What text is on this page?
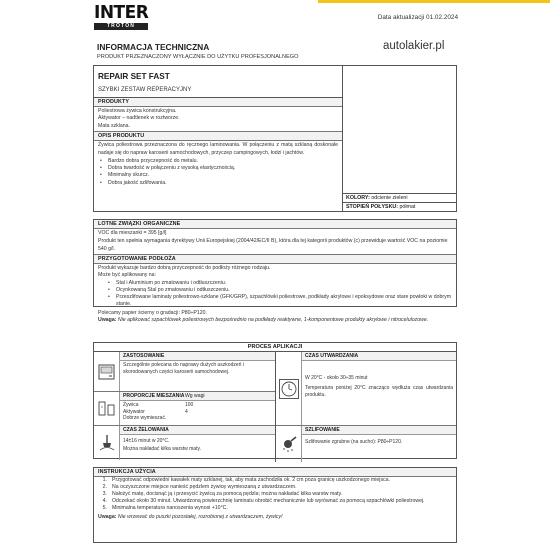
INTER
TROTON
Data aktualizacji 01.02.2024
INFORMACJA TECHNICZNA
PRODUKT PRZEZNACZONY WYŁĄCZNIE DO UŻYTKU PROFESJONALNEGO
autolakier.pl
REPAIR SET FAST
SZYBKI ZESTAW REPERACYJNY
PRODUKTY
Poliestrowa żywica konstrukcyjna.
Aktywator – nadtlenek w roztworze.
Mata szklana.
OPIS PRODUKTU
Żywica poliestrowa przeznaczona do ręcznego laminowania. W połączeniu z matą szklaną doskonale nadaje się do napraw karoserii samochodowych, przyczep campingowych, łodzi i jachtów.
• Bardzo dobra przyczepność do metalu.
• Dobra twardość w połączeniu z wysoką elastycznością.
• Minimalny skurcz.
• Dobra jakość szlifowania.
KOLORY: odcienie zieleni
STOPIEŃ POŁYSKU: półmat
LOTNE ZWIĄZKI ORGANICZNE
VOC dla mieszanki = 395 [g/l]
Produkt ten spełnia wymagania dyrektywy Unii Europejskiej (2004/42/EC/II B), która dla tej kategorii produktów (c) przewiduje wartość VOC na poziomie 540 g/l.
PRZYGOTOWANIE PODŁOŻA
Produkt wykazuje bardzo dobrą przyczepność do podłoży różnego rodzaju.
Może być aplikowany na:
• Stal i Aluminium po zmatowaniu i odtłuszczeniu.
• Ocynkowaną Stal po zmatowaniu i odtłuszczeniu.
• Przeszlifowane laminaty poliestrowo-szklane (GFK/GRP), szpachlówki poliestrowe, podkłady akrylowe i epoksydowe oraz stare powłoki w dobrym stanie.
Polecamy papier ścierny o gradacji: P80÷P120.
Uwaga: Nie aplikować szpachlówek poliestrowych bezpośrednio na podkłady reaktywne, 1-komponentowe produkty akrylowe i nitrocelulozowe.
PROCES APLIKACJI
ZASTOSOWANIE
Szczególnie polecana do naprawy dużych uszkodzeń i skorodowanych części karoserii samochodowej.
PROPORCJE MIESZANIA Wg wagi
Żywica	100
Aktywator	4
Dobrze wymieszać.
CZAS ŻELOWANIA
14±16 minut w 20°C.
Można nakładać kilka warstw maty.
CZAS UTWARDZANIA
W 20°C - około 30÷35 minut
Temperatura poniżej 20°C znacząco wydłuża czas utwardzania produktu.
SZLIFOWANIE
Szlifowanie zgrubne (na sucho): P80÷P120.
INSTRUKCJA UŻYCIA
1. Przygotować odpowiedni kawałek maty szklanej, tak, aby mata zachodziła ok. 2 cm poza granicę uszkodzonego miejsca.
2. Na oczyszczone miejsce nanieść pędzlem żywicę wymieszaną z utwardzaczem.
3. Nałożyć matę, docisnąć ją i przesycić żywicą za pomocą pędzla; można nakładać kilka warstw maty.
4. Odczekać około 30 minut. Utwardzoną powierzchnię laminatu obrobić mechanicznie lub wyrównać za pomocą szpachlówki poliestrowej.
5. Minimalna temperatura nanoszenia wynosi +10°C.
Uwaga: Nie wrzewać do puszki pozostałej, rozrobionej z utwardzaczem, żywicy!
